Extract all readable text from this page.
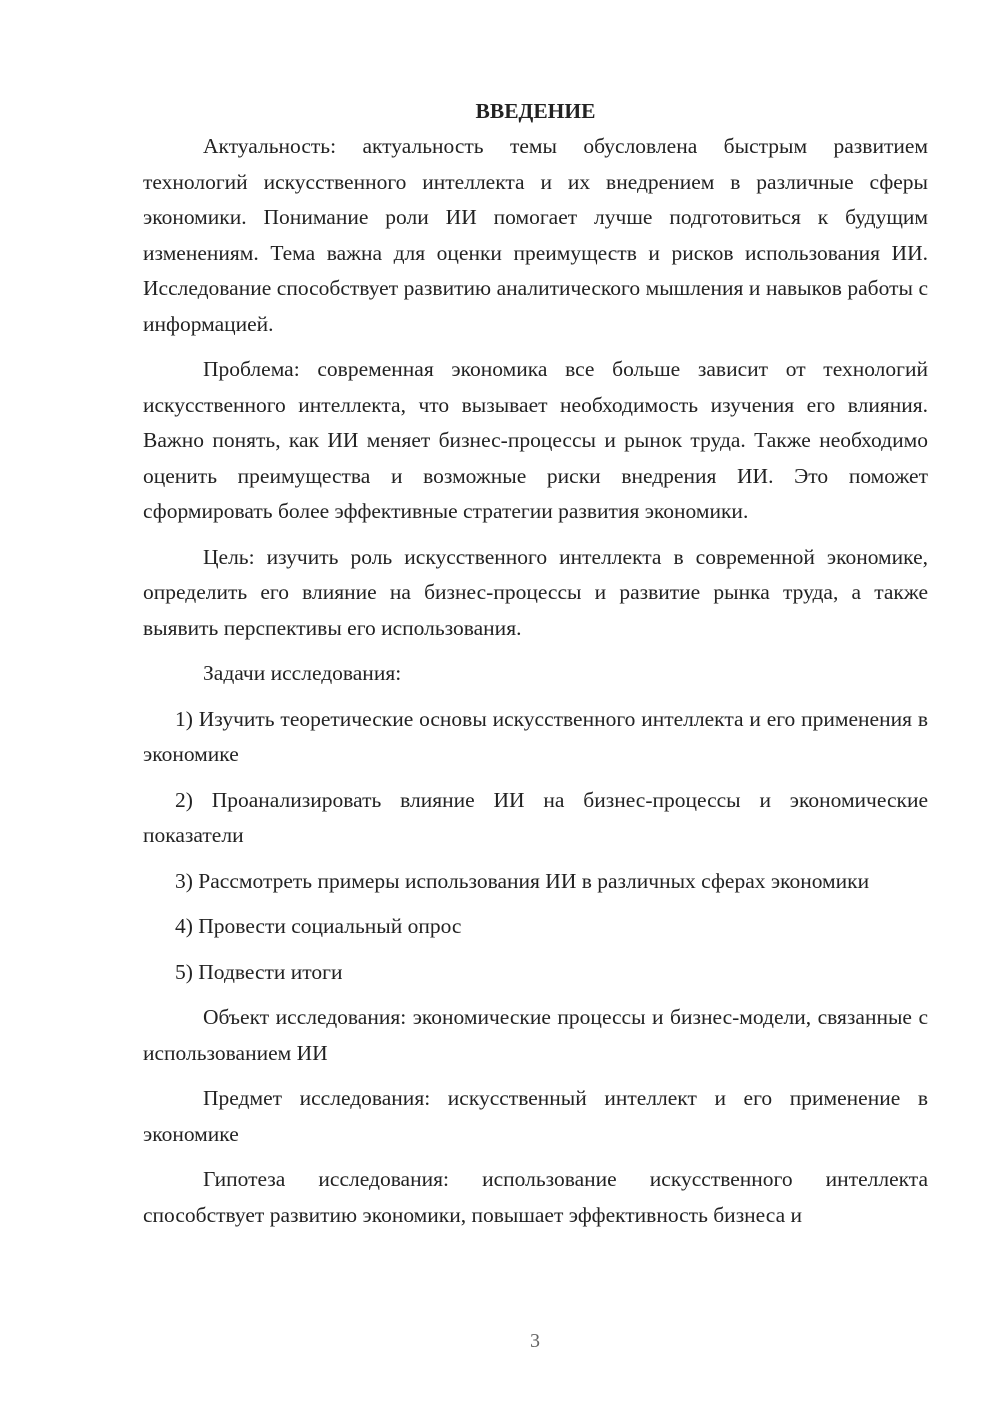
ВВЕДЕНИЕ

Актуальность: актуальность темы обусловлена быстрым развитием технологий искусственного интеллекта и их внедрением в различные сферы экономики. Понимание роли ИИ помогает лучше подготовиться к будущим изменениям. Тема важна для оценки преимуществ и рисков использования ИИ. Исследование способствует развитию аналитического мышления и навыков работы с информацией.

Проблема: современная экономика все больше зависит от технологий искусственного интеллекта, что вызывает необходимость изучения его влияния. Важно понять, как ИИ меняет бизнес-процессы и рынок труда. Также необходимо оценить преимущества и возможные риски внедрения ИИ. Это поможет сформировать более эффективные стратегии развития экономики.

Цель: изучить роль искусственного интеллекта в современной экономике, определить его влияние на бизнес-процессы и развитие рынка труда, а также выявить перспективы его использования.

Задачи исследования:

1) Изучить теоретические основы искусственного интеллекта и его применения в экономике

2) Проанализировать влияние ИИ на бизнес-процессы и экономические показатели

3) Рассмотреть примеры использования ИИ в различных сферах экономики

4) Провести социальный опрос

5) Подвести итоги

Объект исследования: экономические процессы и бизнес-модели, связанные с использованием ИИ

Предмет исследования: искусственный интеллект и его применение в экономике

Гипотеза исследования: использование искусственного интеллекта способствует развитию экономики, повышает эффективность бизнеса и

3
